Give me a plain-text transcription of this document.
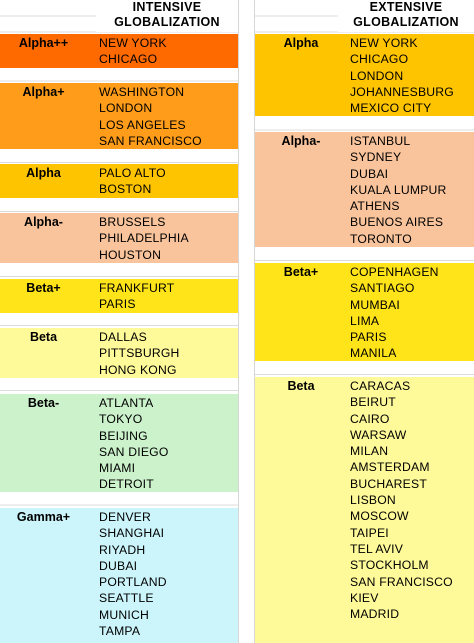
INTENSIVE
GLOBALIZATION
EXTENSIVE
GLOBALIZATION
Alpha++	NEW YORK
CHICAGO
Alpha+	WASHINGTON
LONDON
LOS ANGELES
SAN FRANCISCO
Alpha	PALO ALTO
BOSTON
Alpha-	BRUSSELS
PHILADELPHIA
HOUSTON
Beta+	FRANKFURT
PARIS
Beta	DALLAS
PITTSBURGH
HONG KONG
Beta-	ATLANTA
TOKYO
BEIJING
SAN DIEGO
MIAMI
DETROIT
Gamma+	DENVER
SHANGHAI
RIYADH
DUBAI
PORTLAND
SEATTLE
MUNICH
TAMPA
Alpha	NEW YORK
CHICAGO
LONDON
JOHANNESBURG
MEXICO CITY
Alpha-	ISTANBUL
SYDNEY
DUBAI
KUALA LUMPUR
ATHENS
BUENOS AIRES
TORONTO
Beta+	COPENHAGEN
SANTIAGO
MUMBAI
LIMA
PARIS
MANILA
Beta	CARACAS
BEIRUT
CAIRO
WARSAW
MILAN
AMSTERDAM
BUCHAREST
LISBON
MOSCOW
TAIPEI
TEL AVIV
STOCKHOLM
SAN FRANCISCO
KIEV
MADRID
